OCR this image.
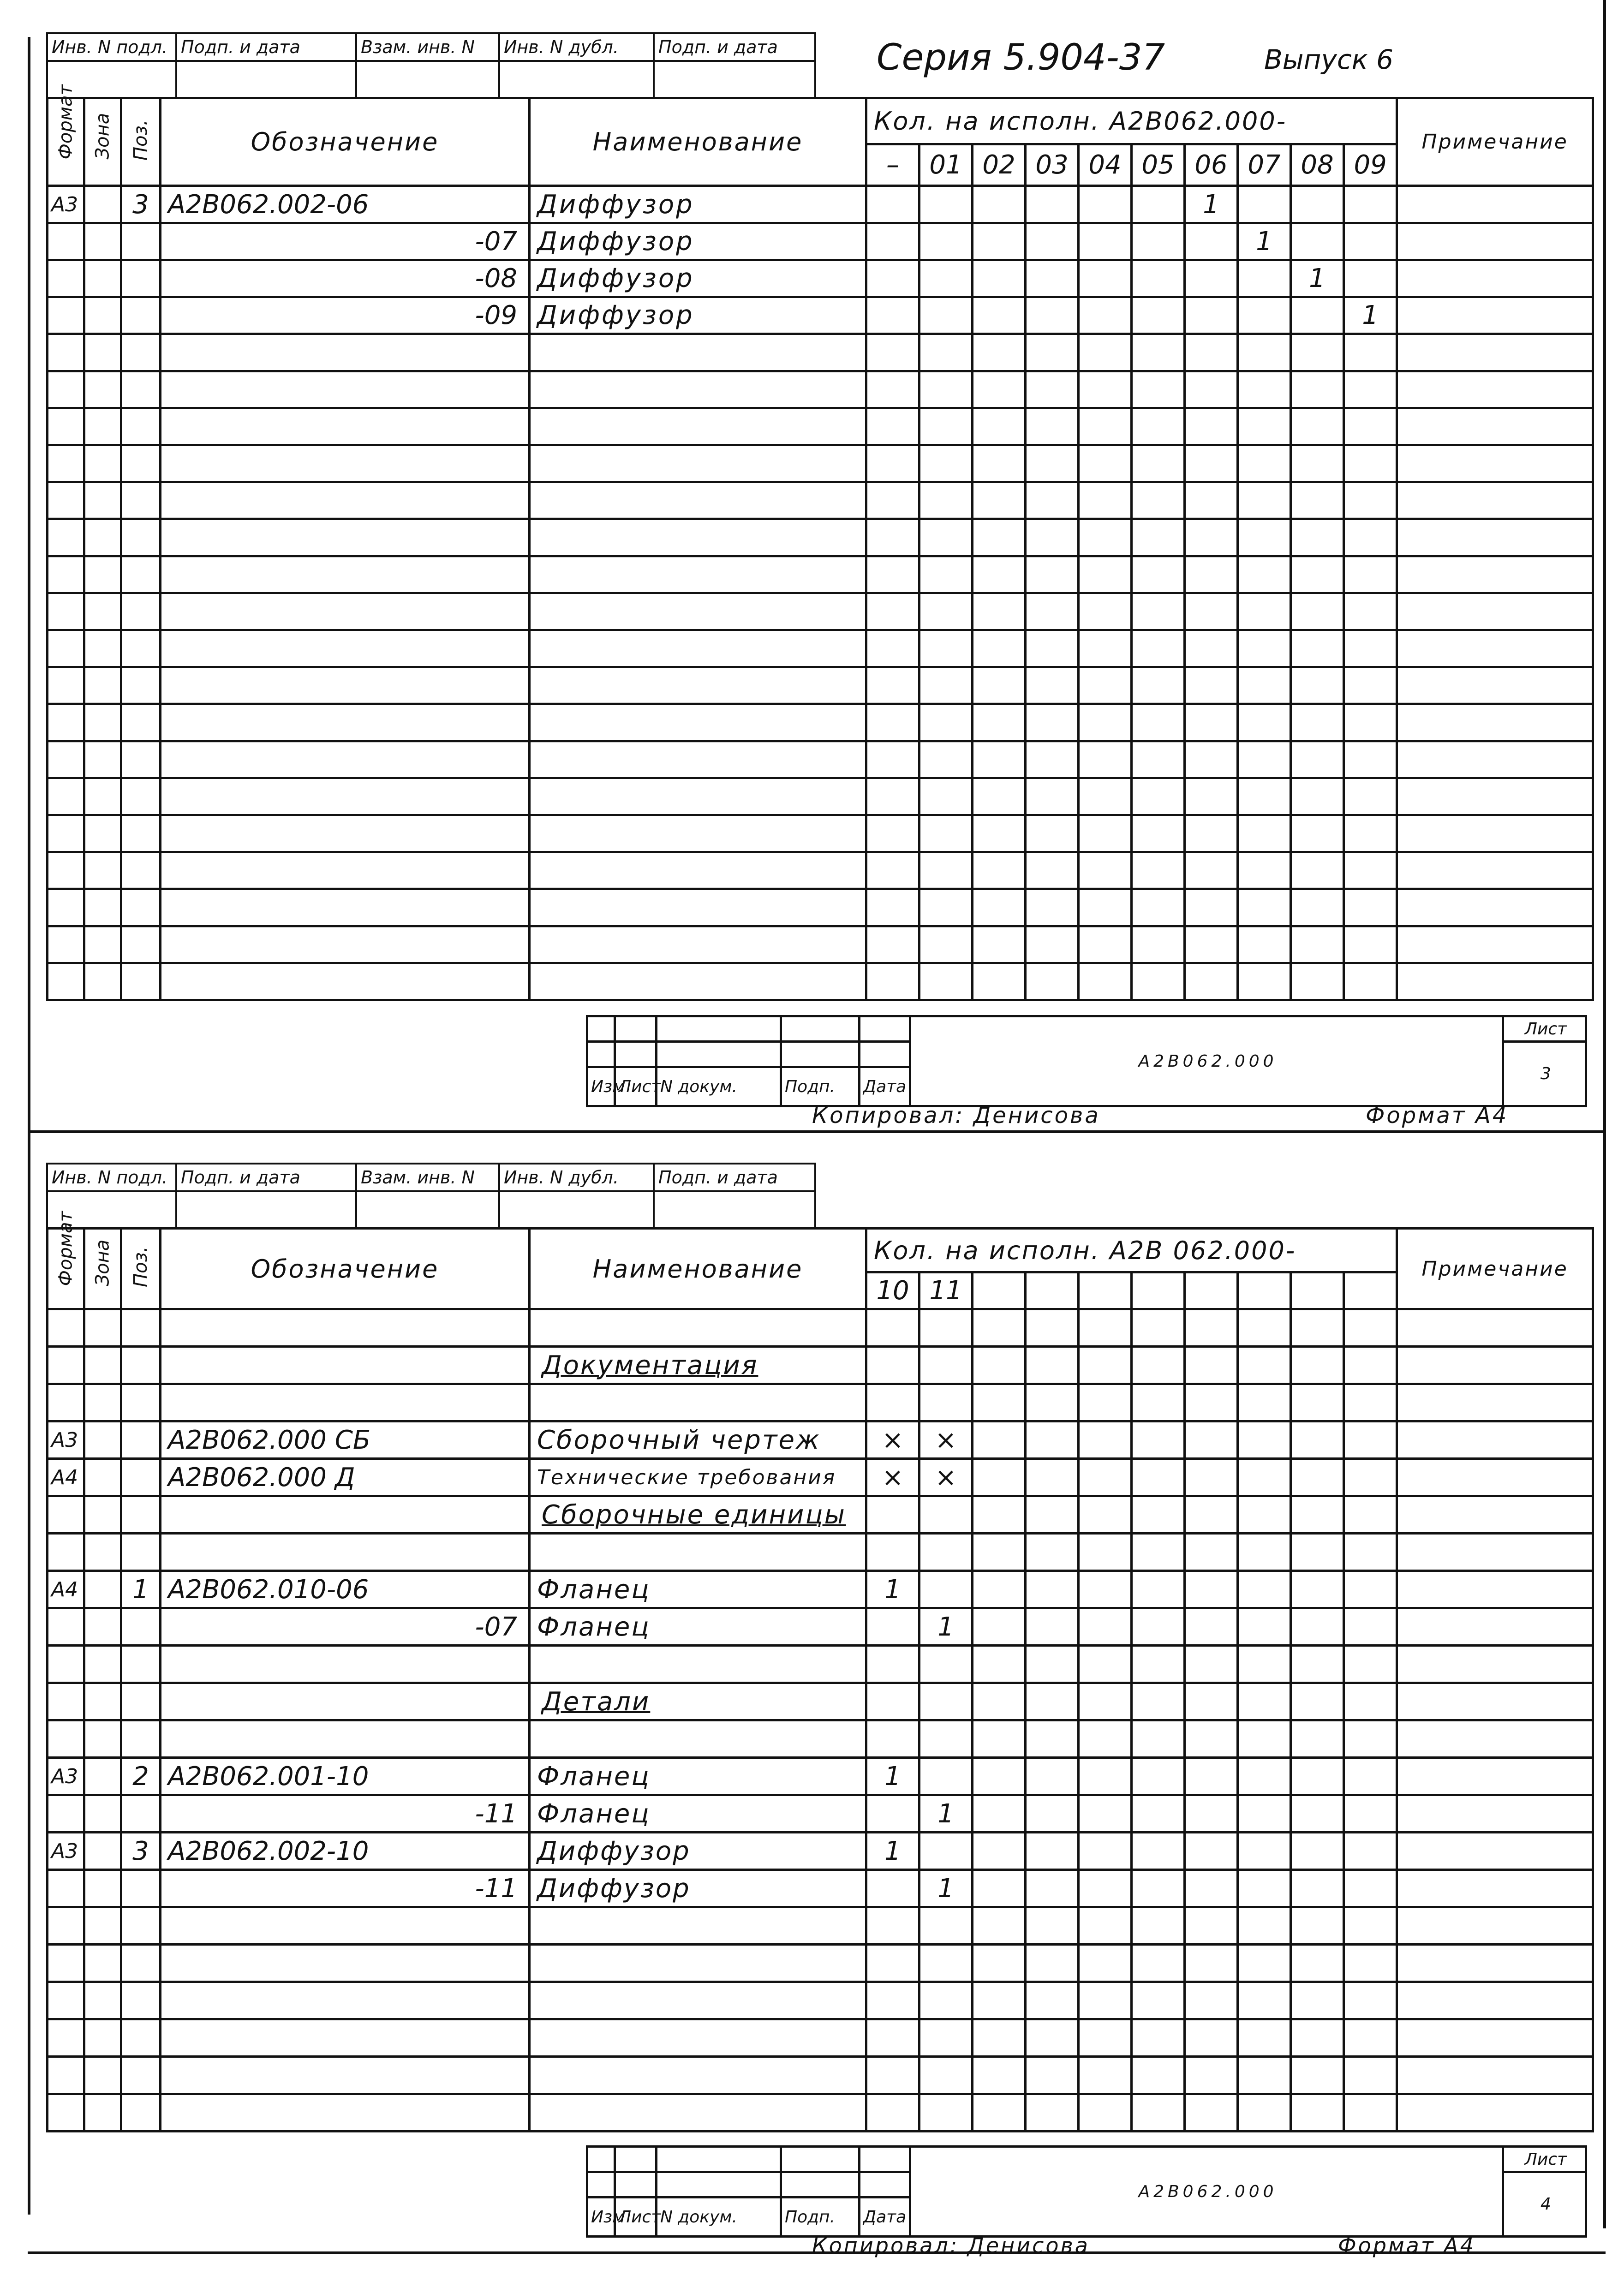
Инв. N подл.	Подп. и дата	Взам. инв. N	Инв. N дубл.	Подп. и дата
					Серия 5.904-37	Выпуск 6
Формат	Зона	Поз.	Обозначение	Наименование	Кол. на исполн. А2В062.000-										Примечание
					–	01	02	03	04	05	06	07	08	09	
А3		3	А2В062.002-06	Диффузор							1				
			-07	Диффузор								1			
			-08	Диффузор									1		
			-09	Диффузор										1	

					А2В062.000	Лист
						3
Изм	Лист	N докум.	Подп.	Дата		
Копировал: Денисова	Формат А4
Инв. N подл.	Подп. и дата	Взам. инв. N	Инв. N дубл.	Подп. и дата

Формат	Зона	Поз.	Обозначение	Наименование	Кол. на исполн. А2В 062.000-										Примечание
					10	11									

				Документация											

А3			А2В062.000 СБ	Сборочный чертеж	×	×									
А4			А2В062.000 Д	Технические требования	×	×									
				Сборочные единицы											

А4		1	А2В062.010-06	Фланец	1										
			-07	Фланец		1									

				Детали											

А3		2	А2В062.001-10	Фланец	1										
			-11	Фланец		1									
А3		3	А2В062.002-10	Диффузор	1										
			-11	Диффузор		1									

					А2В062.000	Лист
						4
Изм	Лист	N докум.	Подп.	Дата		
Копировал: Денисова	Формат А4
